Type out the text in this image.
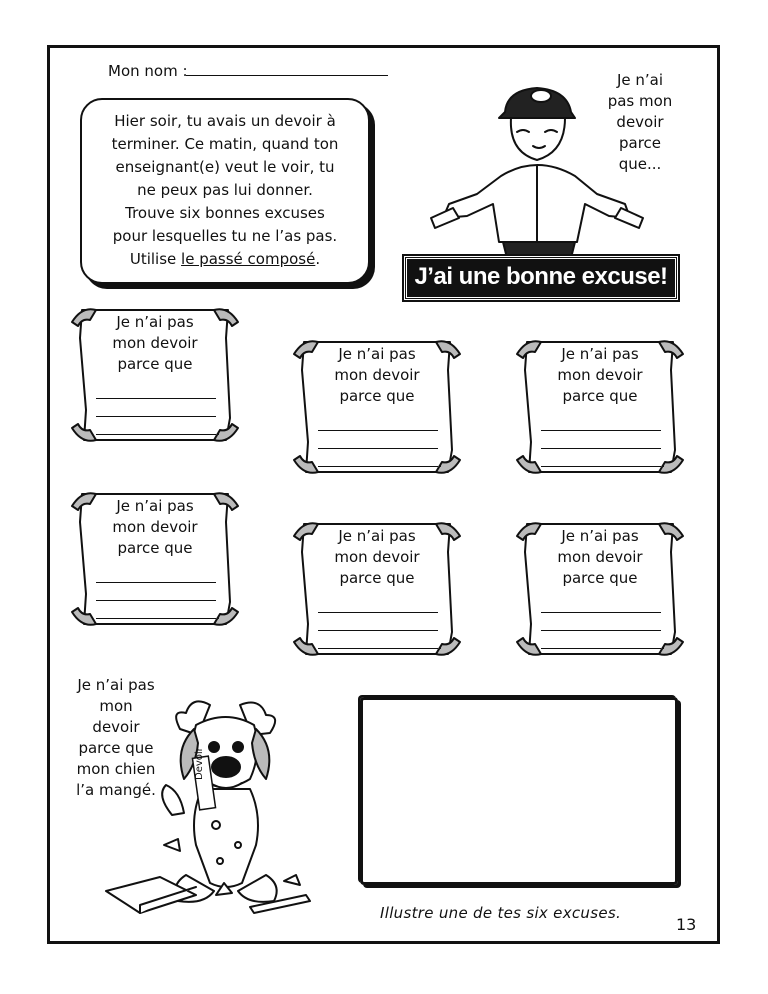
Mon nom :
Hier soir, tu avais un devoir à
terminer. Ce matin, quand ton
enseignant(e) veut le voir, tu
ne peux pas lui donner.
Trouve six bonnes excuses
pour lesquelles tu ne l’as pas.
Utilise le passé composé.
Je n’ai
pas mon
devoir
parce
que...
J’ai une bonne excuse!
Je n’ai pas
mon devoir
parce que
.
Je n’ai pas
mon devoir
parce que
.
Je n’ai pas
mon devoir
parce que
.
Je n’ai pas
mon devoir
parce que
.
Je n’ai pas
mon devoir
parce que
.
Je n’ai pas
mon devoir
parce que
.
Je n’ai pas
mon
devoir
parce que
mon chien
l’a mangé.
Devoir
Illustre une de tes six excuses.
13
